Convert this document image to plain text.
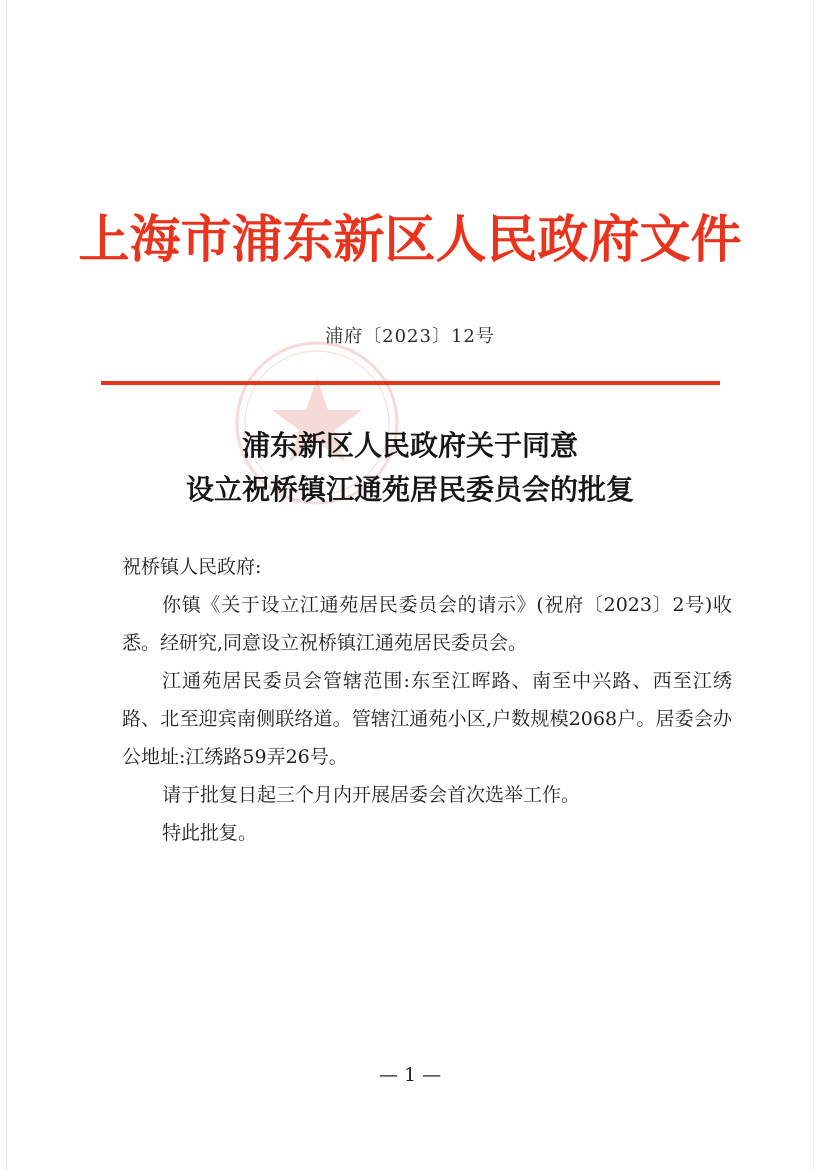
上海市浦东新区人民政府文件
浦府〔2023〕12号
浦东新区人民政府关于同意
设立祝桥镇江通苑居民委员会的批复

祝桥镇人民政府:

你镇《关于设立江通苑居民委员会的请示》(祝府〔2023〕2号)收悉。经研究,同意设立祝桥镇江通苑居民委员会。

江通苑居民委员会管辖范围:东至江晖路、南至中兴路、西至江绣路、北至迎宾南侧联络道。管辖江通苑小区,户数规模2068户。居委会办公地址:江绣路59弄26号。

请于批复日起三个月内开展居委会首次选举工作。

特此批复。

— 1 —
